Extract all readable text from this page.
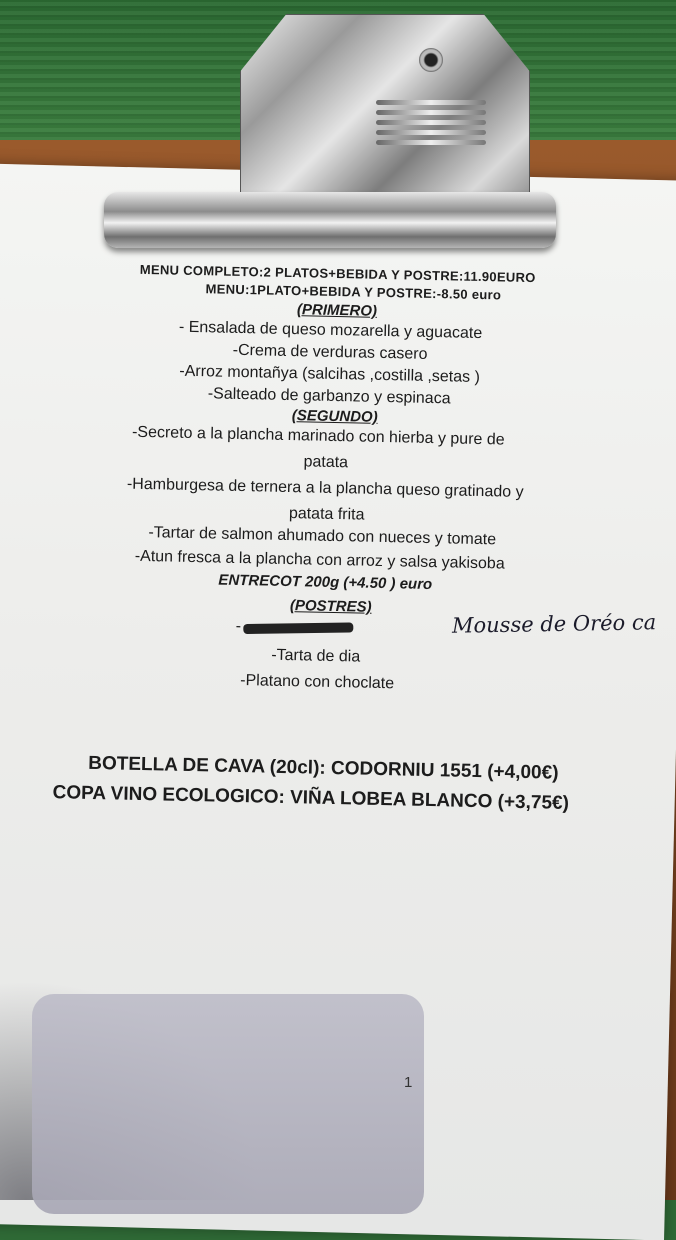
MENU COMPLETO:2 PLATOS+BEBIDA Y POSTRE:11.90EURO
MENU:1PLATO+BEBIDA Y POSTRE:-8.50 euro
(PRIMERO)
- Ensalada de queso mozarella y aguacate
-Crema de verduras casero
-Arroz montañya (salcihas ,costilla ,setas )
-Salteado de garbanzo y espinaca
(SEGUNDO)
-Secreto a la plancha marinado con hierba y pure de
patata
-Hamburgesa de ternera a la plancha queso gratinado y
patata frita
-Tartar de salmon ahumado con nueces y tomate
-Atun fresca a la plancha con arroz y salsa yakisoba
ENTRECOT 200g (+4.50 ) euro
(POSTRES)
-
-Tarta de dia
-Platano con choclate
BOTELLA DE CAVA (20cl): CODORNIU 1551 (+4,00€)
COPA VINO ECOLOGICO: VIÑA LOBEA BLANCO (+3,75€)
Mousse de Oréo ca
1
